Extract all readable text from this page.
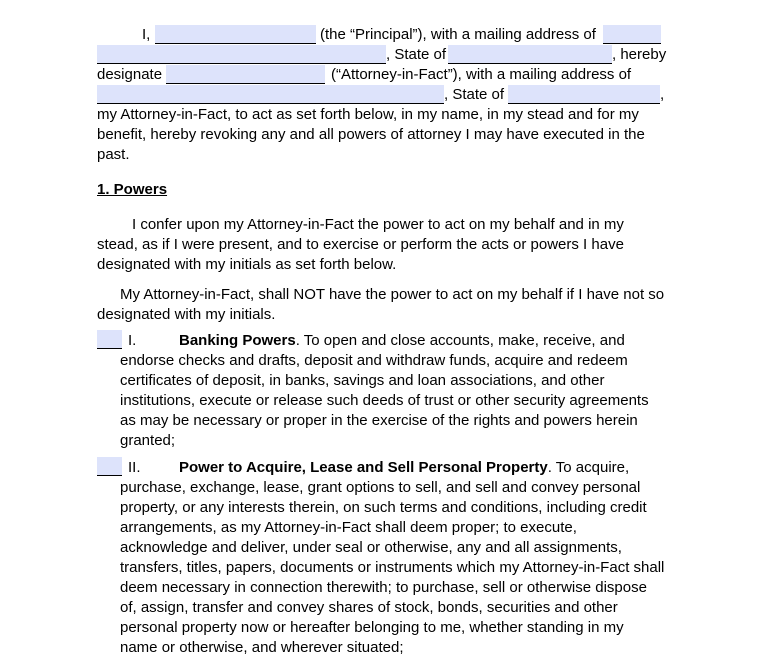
I,	(the “Principal”), with a mailing address of
, State of	, hereby
designate	(“Attorney-in-Fact”), with a mailing address of
, State of	,
my Attorney-in-Fact, to act as set forth below, in my name, in my stead and for my
benefit, hereby revoking any and all powers of attorney I may have executed in the
past.
1. Powers
I confer upon my Attorney-in-Fact the power to act on my behalf and in my
stead, as if I were present, and to exercise or perform the acts or powers I have
designated with my initials as set forth below.
My Attorney-in-Fact, shall NOT have the power to act on my behalf if I have not so
designated with my initials.
I.	Banking Powers. To open and close accounts, make, receive, and
endorse checks and drafts, deposit and withdraw funds, acquire and redeem
certificates of deposit, in banks, savings and loan associations, and other
institutions, execute or release such deeds of trust or other security agreements
as may be necessary or proper in the exercise of the rights and powers herein
granted;
II.	Power to Acquire, Lease and Sell Personal Property. To acquire,
purchase, exchange, lease, grant options to sell, and sell and convey personal
property, or any interests therein, on such terms and conditions, including credit
arrangements, as my Attorney-in-Fact shall deem proper; to execute,
acknowledge and deliver, under seal or otherwise, any and all assignments,
transfers, titles, papers, documents or instruments which my Attorney-in-Fact shall
deem necessary in connection therewith; to purchase, sell or otherwise dispose
of, assign, transfer and convey shares of stock, bonds, securities and other
personal property now or hereafter belonging to me, whether standing in my
name or otherwise, and wherever situated;
